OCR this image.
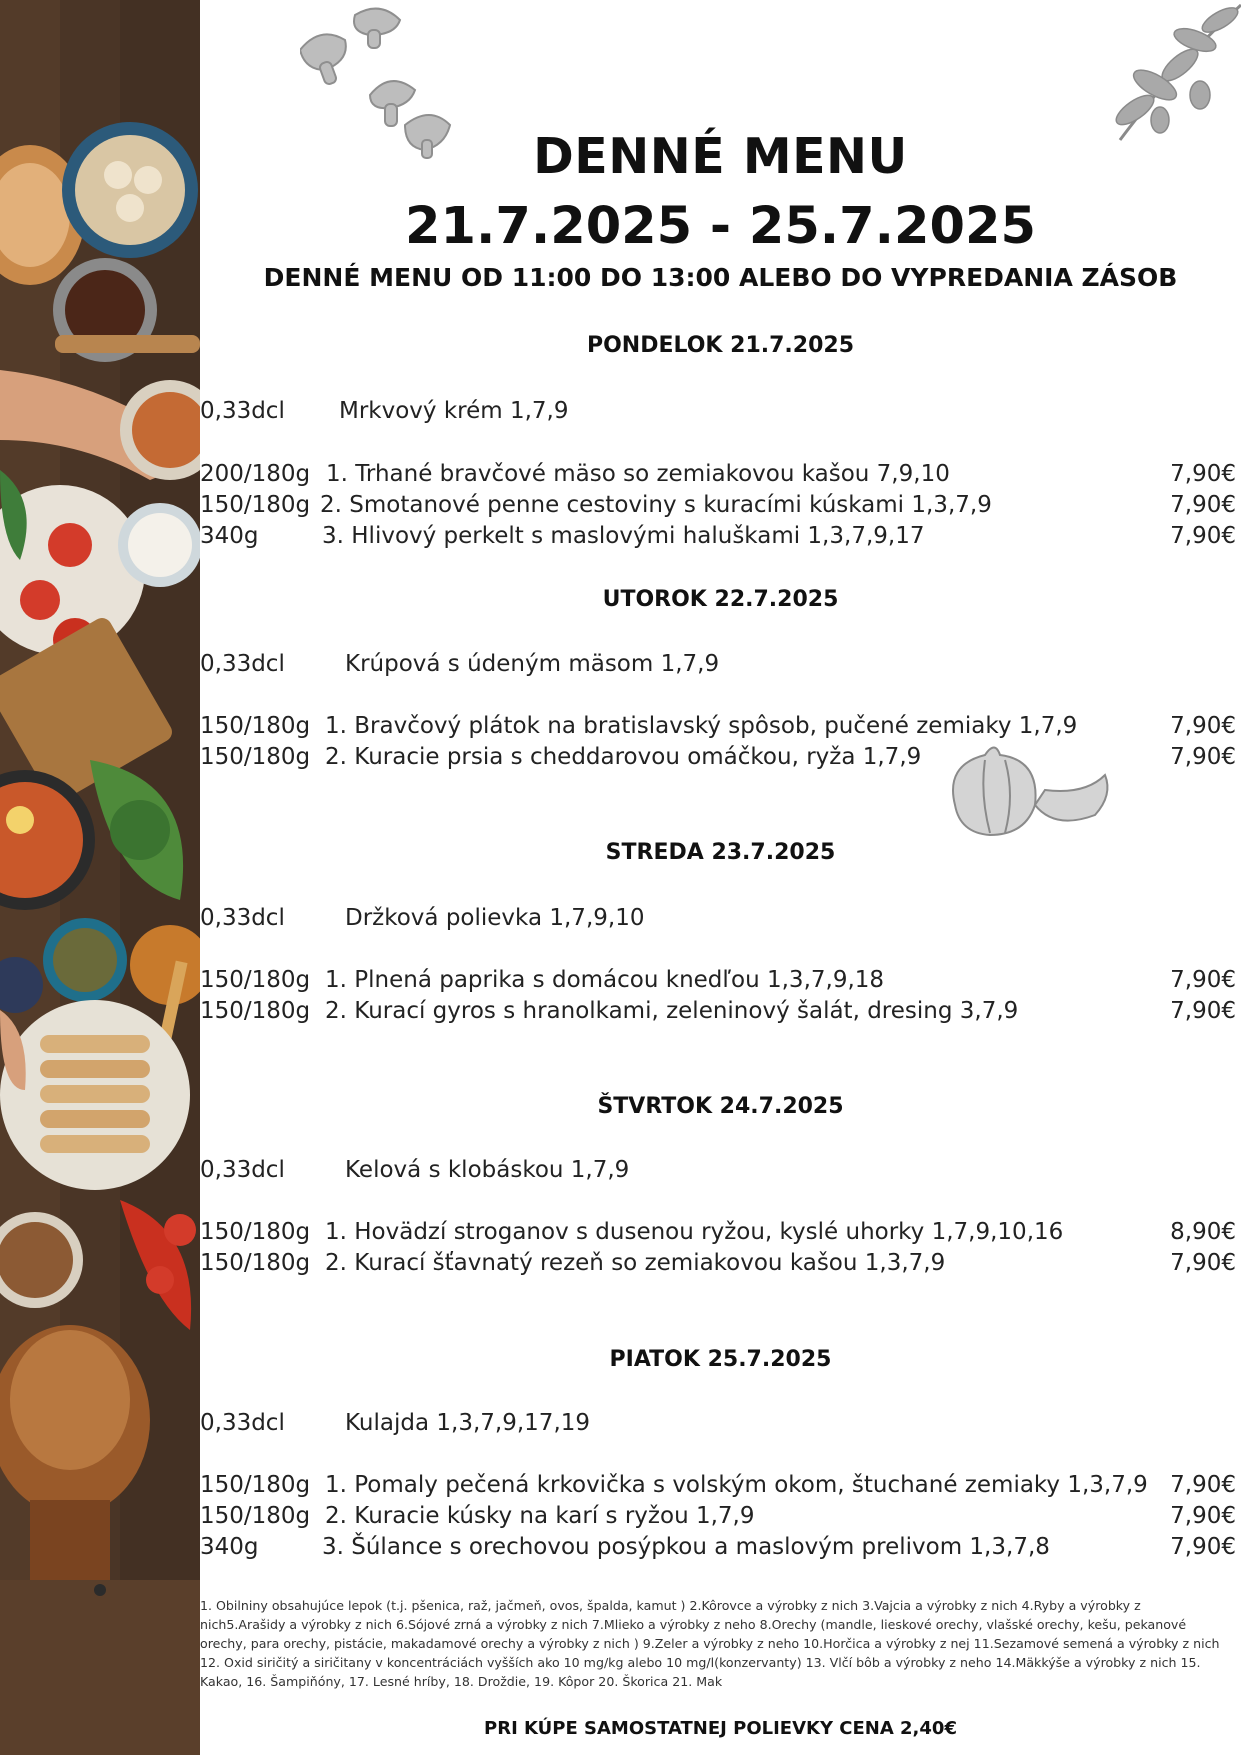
DENNÉ MENU
21.7.2025 - 25.7.2025
DENNÉ MENU OD 11:00 DO 13:00 ALEBO DO VYPREDANIA ZÁSOB
PONDELOK 21.7.2025
0,33dcl Mrkvový krém 1,7,9
200/180g 1. Trhané bravčové mäso so zemiakovou kašou 7,9,10	7,90€
150/180g 2. Smotanové penne cestoviny s kuracími kúskami 1,3,7,9	7,90€
340g	3. Hlivový perkelt s maslovými haluškami 1,3,7,9,17	7,90€
UTOROK 22.7.2025
0,33dcl	Krúpová s údeným mäsom 1,7,9
150/180g 1. Bravčový plátok na bratislavský spôsob, pučené zemiaky 1,7,9	7,90€
150/180g 2. Kuracie prsia s cheddarovou omáčkou, ryža 1,7,9	7,90€
STREDA 23.7.2025
0,33dcl	Držková polievka 1,7,9,10
150/180g 1. Plnená paprika s domácou knedľou 1,3,7,9,18	7,90€
150/180g 2. Kurací gyros s hranolkami, zeleninový šalát, dresing 3,7,9	7,90€
ŠTVRTOK 24.7.2025
0,33dcl	Kelová s klobáskou 1,7,9
150/180g 1. Hovädzí stroganov s dusenou ryžou, kyslé uhorky 1,7,9,10,16	8,90€
150/180g 2. Kurací šťavnatý rezeň so zemiakovou kašou 1,3,7,9	7,90€
PIATOK 25.7.2025
0,33dcl	Kulajda 1,3,7,9,17,19
150/180g 1. Pomaly pečená krkovička s volským okom, štuchané zemiaky 1,3,7,9 7,90€
150/180g 2. Kuracie kúsky na karí s ryžou 1,7,9	7,90€
340g	3. Šúlance s orechovou posýpkou a maslovým prelivom 1,3,7,8	7,90€

1. Obilniny obsahujúce lepok (t.j. pšenica, raž, jačmeň, ovos, špalda, kamut ) 2.Kôrovce a výrobky z nich 3.Vajcia a výrobky z nich 4.Ryby a výrobky z nich5.Arašidy a výrobky z nich 6.Sójové zrná a výrobky z nich 7.Mlieko a výrobky z neho 8.Orechy (mandle, lieskové orechy, vlašské orechy, kešu, pekanové orechy, para orechy, pistácie, makadamové orechy a výrobky z nich ) 9.Zeler a výrobky z neho 10.Horčica a výrobky z nej 11.Sezamové semená a výrobky z nich 12. Oxid siričitý a siričitany v koncentráciách vyšších ako 10 mg/kg alebo 10 mg/l(konzervanty) 13. Vlčí bôb a výrobky z neho 14.Mäkkýše a výrobky z nich 15. Kakao, 16. Šampiňóny, 17. Lesné hríby, 18. Droždie, 19. Kôpor 20. Škorica 21. Mak

PRI KÚPE SAMOSTATNEJ POLIEVKY CENA 2,40€
